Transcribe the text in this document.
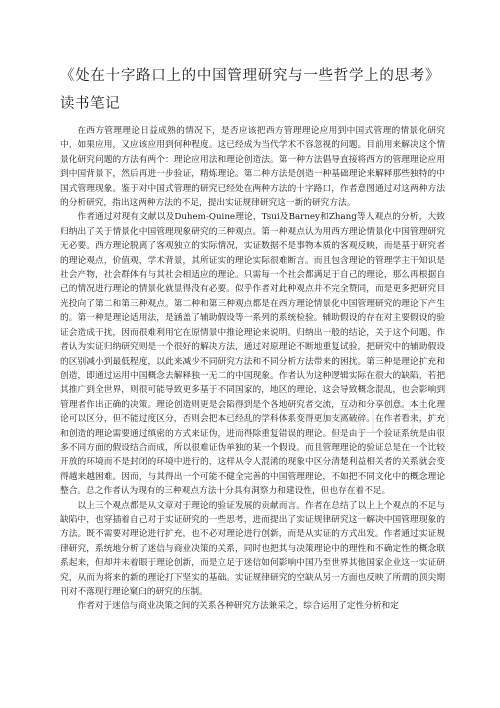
《处在十字路口上的中国管理研究与一些哲学上的思考》读书笔记

在西方管理理论日益成熟的情况下，是否应该把西方管理理论应用到中国式管理的情景化研究中，如果应用，又应该应用到何种程度。这已经成为当代学术不容忽视的问题。目前用来解决这个情景化研究问题的方法有两个：理论应用法和理论创造法。第一种方法倡导直接将西方的管理理论应用到中国背景下，然后再进一步验证，精炼理论。第二种方法是创造一种基础理论来解释那些独特的中国式管理现象。鉴于对中国式管理的研究已经处在两种方法的十字路口，作者意图通过对这两种方法的分析研究，指出这两种方法的不足，提出实证规律研究这一新的研究方法。

作者通过对现有文献以及Duhem-Quine理论，Tsui及Barney和Zhang等人观点的分析，大致归纳出了关于情景化中国管理现象研究的三种观点。第一种观点认为用西方理论情景化中国管理研究无必要。西方理论脱离了客观独立的实际情况，实证数据不是事物本质的客观反映，而是基于研究者的理论观点，价值观，学术背景，其所证实的理论实际很难断言。而且包含理论的管理学主干知识是社会产物，社会群体有与其社会相适应的理论。只需每一个社会都满足于自己的理论，那么再根据自己的情况进行理论的情景化就显得没有必要。似乎作者对此种观点并不完全赞同，而是更多把研究目光投向了第二和第三种观点。第二种和第三种观点都是在西方理论情景化中国管理研究的理论下产生的。第一种是理论适用法，是涵盖了辅助假设等一系列的系统检验。辅助假设的存在对主要假设的验证会造成干扰，因而很难利用它在原情景中推论理论来说明。归纳出一般的结论，关于这个问题，作者认为实证归纳研究则是一个很好的解决方法，通过对原理论不断地重复试验，把研究中的辅助假设的区别减小到最低程度，以此来减少不同研究方法和不同分析方法带来的困扰。第三种是理论扩充和创造，即通过运用中国概念去解释独一无二的中国现象。作者认为这种逻辑实际在很大的缺陷，若把其推广到全世界，则很可能导致更多基于不同国家的，地区的理论，这会导致概念混乱，也会影响到管理者作出正确的决策。理论创造则更是会陷得到是个各地研究者交流，互动和分享创意。本土化理论可以区分，但不能过度区分，否则会把本已经乱的学科体系变得更加支离破碎。在作者看来，扩充和创造的理论需要通过缜密的方式来证伪，进而得除重复错误的理论。但是由于一个验证系统是由很多不同方面的假设结合而成，所以很难证伪单独的某一个假设。而且管理理论的验证总是在一个比较开放的环境而不是封闭的环境中进行的，这样从令人混淆的现象中区分清楚利益相关者的关系就会变得越来越困难。因而，与其得出一个可能不健全完善的中国管理理论，不如把不同文化中的概念理论整合。总之作者认为现有的三种观点方法十分具有洞察力和建设性，但也存在着不足。

以上三个观点都是从文章对于理论的验证发展的贡献而言。作者在总结了以上上个观点的不足与缺陷中，也穿插着自己对于实证研究的一些思考，进而提出了实证规律研究这一解决中国管理现象的方法。既不需要对理论进行扩充，也不必对理论进行创新，而是从实证的方式出发。作者通过实证规律研究，系统地分析了迷信与商业决策的关系，同时也把其与决策理论中的理性和不确定性的概念联系起来，但却并未着眼于理论创新，而是立足于迷信如何影响中国乃至世界其他国家企业这一实证研究，从而为将来的新的理论打下坚实的基础。实证规律研究的空缺从另一方面也反映了所谓的顶尖期刊对不落现行理论窠臼的研究的压制。

作者对于迷信与商业决策之间的关系各种研究方法兼采之，综合运用了定性分析和定
